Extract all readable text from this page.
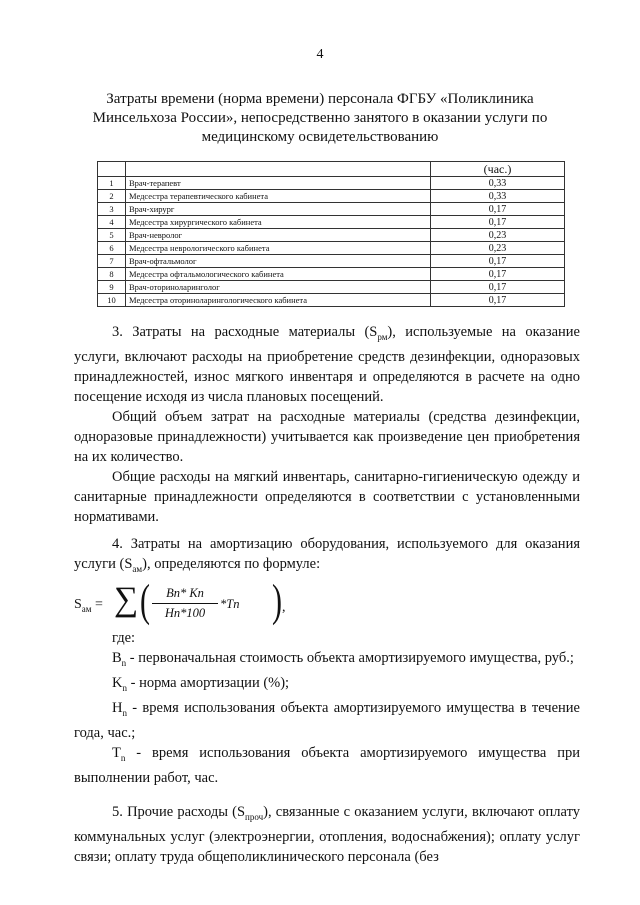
4
Затраты времени (норма времени) персонала ФГБУ «Поликлиника Минсельхоза России», непосредственно занятого в оказании услуги по медицинскому освидетельствованию
		(час.)
1	Врач-терапевт	0,33
2	Медсестра терапевтического кабинета	0,33
3	Врач-хирург	0,17
4	Медсестра хирургического кабинета	0,17
5	Врач-невролог	0,23
6	Медсестра неврологического кабинета	0,23
7	Врач-офтальмолог	0,17
8	Медсестра офтальмологического кабинета	0,17
9	Врач-оториноларинголог	0,17
10	Медсестра оториноларингологического кабинета	0,17

3. Затраты на расходные материалы $(S_{рм})$, используемые на оказание услуги, включают расходы на приобретение средств дезинфекции, одноразовых принадлежностей, износ мягкого инвентаря и определяются в расчете на одно посещение исходя из числа плановых посещений.

Общий объем затрат на расходные материалы (средства дезинфекции, одноразовые принадлежности) учитывается как произведение цен приобретения на их количество.

Общие расходы на мягкий инвентарь, санитарно-гигиеническую одежду и санитарные принадлежности определяются в соответствии с установленными нормативами.

4. Затраты на амортизацию оборудования, используемого для оказания услуги $(S_{ам})$, определяются по формуле:

$S_{ам}$ = ∑ ( $\frac{Bn* Kn}{Hn*100} *Tn$ ) ,

где:

$B_n$ - первоначальная стоимость объекта амортизируемого имущества, руб.;

$K_n$ - норма амортизации (%);

$H_n$ - время использования объекта амортизируемого имущества в течение года, час.;

$T_n$ - время использования объекта амортизируемого имущества при выполнении работ, час.

5. Прочие расходы $(S_{проч})$, связанные с оказанием услуги, включают оплату коммунальных услуг (электроэнергии, отопления, водоснабжения); оплату услуг связи; оплату труда общеполиклинического персонала (без
